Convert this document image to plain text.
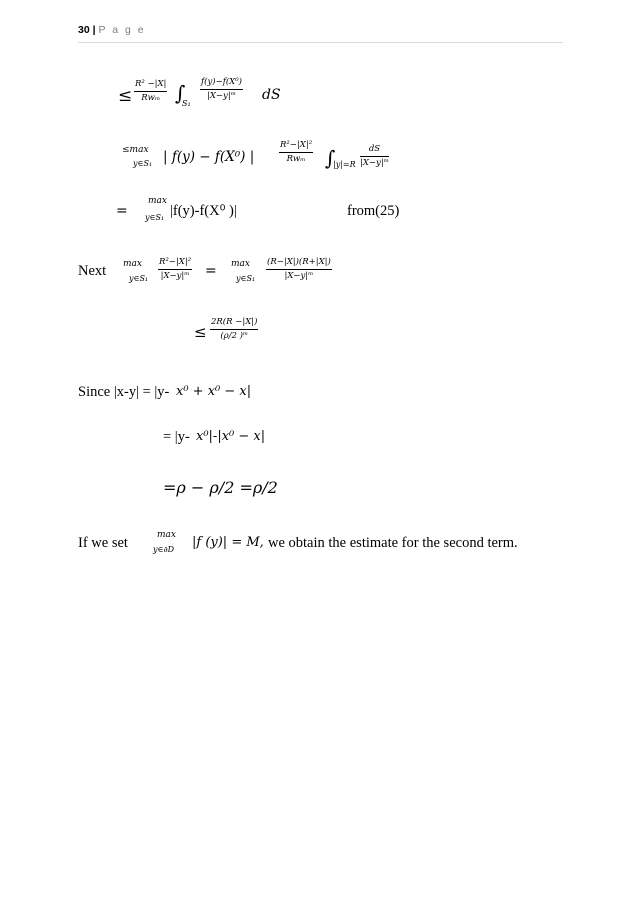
30 | P a g e
≤
R² −|X|
Rwₘ ∫
S₁
f(y)−f(X⁰)
|X−y|ᵐ	dS
≤max
y∈S₁ | f(y) − f(X⁰) |
R²−|X|²
Rwₘ ∫
|y|=R
dS
|X−y|ᵐ
=
max
y∈S₁ |f(y)-f(X⁰ )|	from(25)
Next max
y∈S₁
R²−|X|²
|X−y|ᵐ = max
y∈S₁
(R−|X|)(R+|X|)
|X−y|ᵐ
≤
2R(R −|X|)
(ρ/2 )ᵐ
Since |x-y| = |y- x⁰ + x⁰ − x|
= |y- x⁰|-|x⁰ − x|
=ρ − ρ/2 =ρ/2
If we set	max
y∈∂D |f (y)| = M, we obtain the estimate for the second term.
